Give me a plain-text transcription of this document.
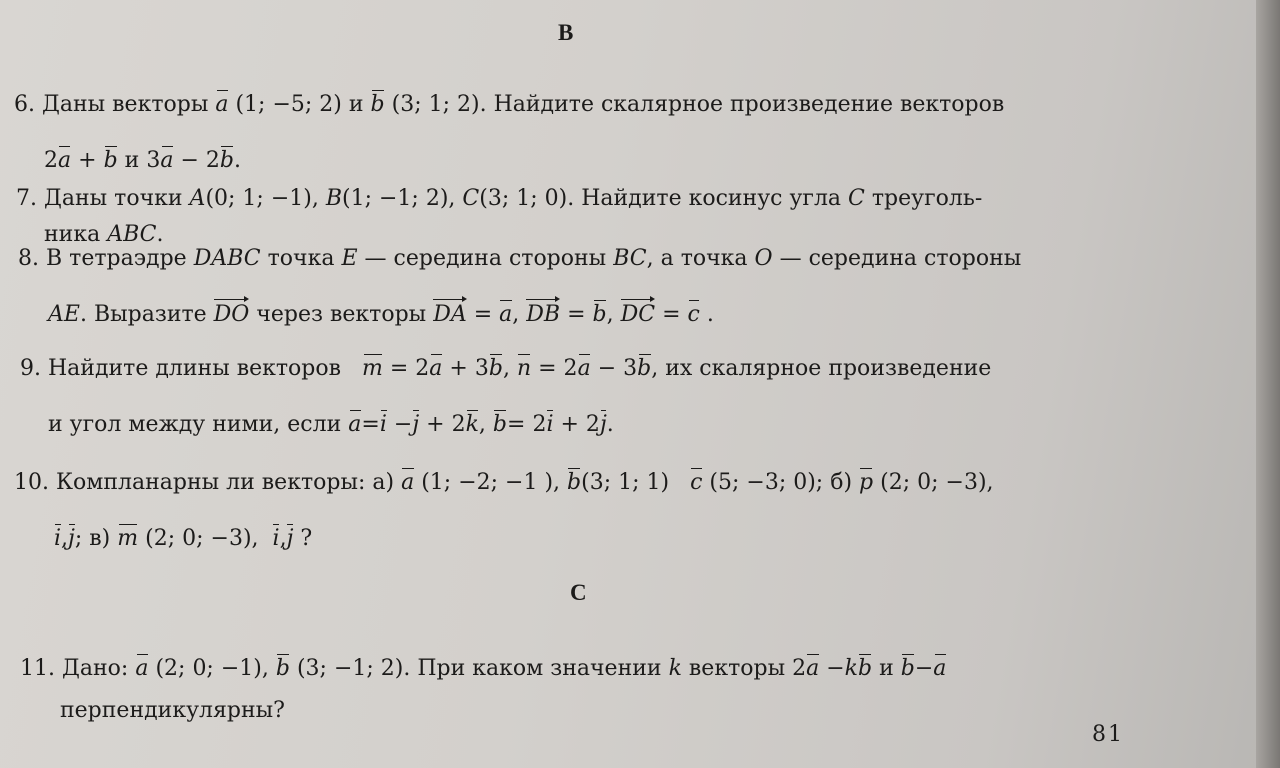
B
6. Даны векторы a (1; −5; 2) и b (3; 1; 2). Найдите скалярное произведение векторов
2a + b и 3a − 2b.
7. Даны точки A(0; 1; −1), B(1; −1; 2), C(3; 1; 0). Найдите косинус угла C треуголь-
ника ABC.
8. В тетраэдре DABC точка E — середина стороны BC, а точка O — середина стороны
AE. Выразите DO через векторы DA = a, DB = b, DC = c .
9. Найдите длины векторов m = 2a + 3b, n = 2a − 3b, их скалярное произведение
и угол между ними, если a=i −j + 2k, b= 2i + 2j.
10. Компланарны ли векторы: а) a (1; −2; −1 ), b(3; 1; 1) c (5; −3; 0); б) p (2; 0; −3),
i,j; в) m (2; 0; −3), i,j ?
C
11. Дано: a (2; 0; −1), b (3; −1; 2). При каком значении k векторы 2a −kb и b−a
перпендикулярны?
81
